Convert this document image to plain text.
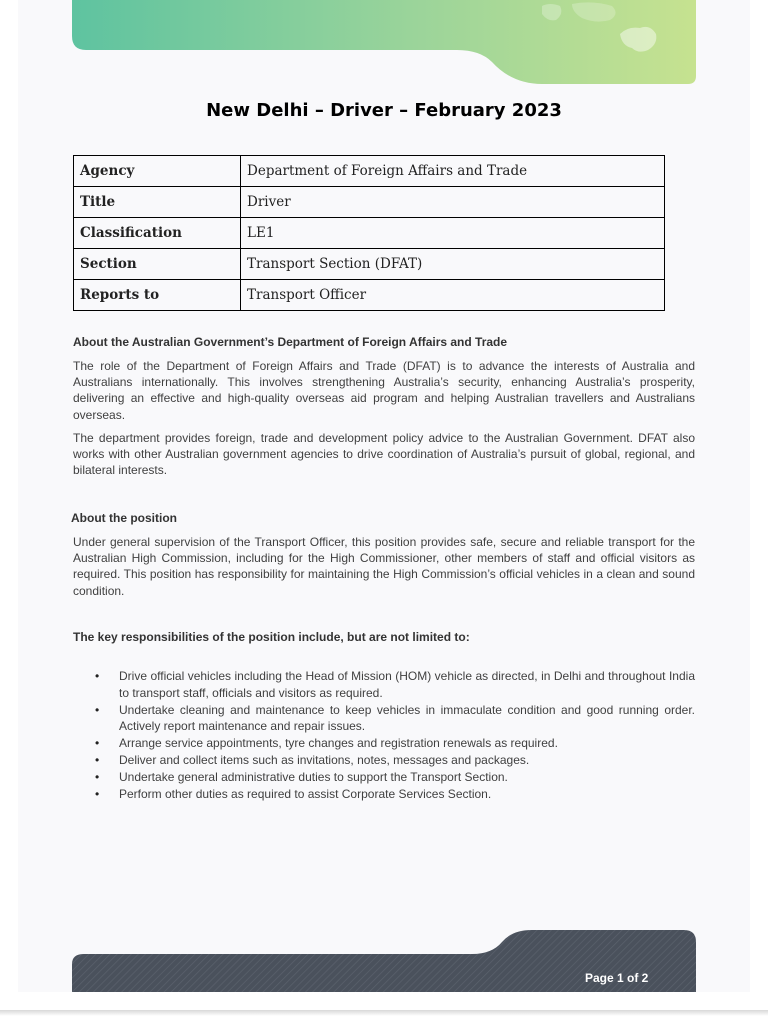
New Delhi – Driver – February 2023
Agency	Department of Foreign Affairs and Trade
Title	Driver
Classification	LE1
Section	Transport Section (DFAT)
Reports to	Transport Officer

About the Australian Government’s Department of Foreign Affairs and Trade

The role of the Department of Foreign Affairs and Trade (DFAT) is to advance the interests of Australia and Australians internationally. This involves strengthening Australia’s security, enhancing Australia’s prosperity, delivering an effective and high-quality overseas aid program and helping Australian travellers and Australians overseas.

The department provides foreign, trade and development policy advice to the Australian Government. DFAT also works with other Australian government agencies to drive coordination of Australia’s pursuit of global, regional, and bilateral interests.

About the position

Under general supervision of the Transport Officer, this position provides safe, secure and reliable transport for the Australian High Commission, including for the High Commissioner, other members of staff and official visitors as required. This position has responsibility for maintaining the High Commission’s official vehicles in a clean and sound condition.

The key responsibilities of the position include, but are not limited to:

• Drive official vehicles including the Head of Mission (HOM) vehicle as directed, in Delhi and throughout India to transport staff, officials and visitors as required.
• Undertake cleaning and maintenance to keep vehicles in immaculate condition and good running order. Actively report maintenance and repair issues.
• Arrange service appointments, tyre changes and registration renewals as required.
• Deliver and collect items such as invitations, notes, messages and packages.
• Undertake general administrative duties to support the Transport Section.
• Perform other duties as required to assist Corporate Services Section.
Page 1 of 2
